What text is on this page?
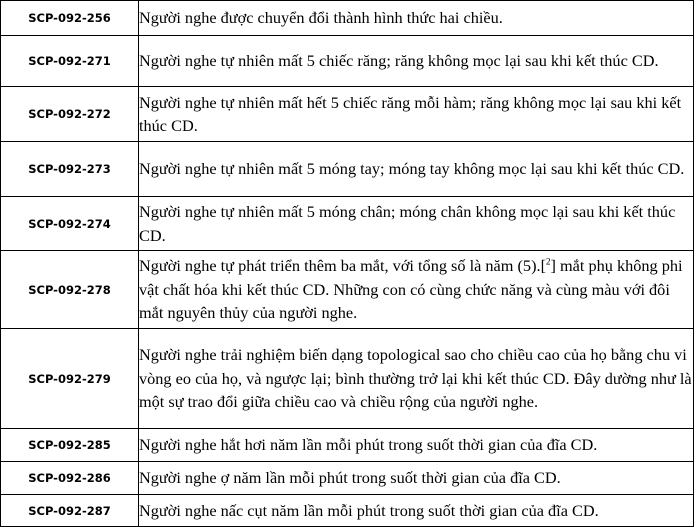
SCP-092-256	Người nghe được chuyển đổi thành hình thức hai chiều.
SCP-092-271	Người nghe tự nhiên mất 5 chiếc răng; răng không mọc lại sau khi kết thúc CD.
SCP-092-272	Người nghe tự nhiên mất hết 5 chiếc răng mỗi hàm; răng không mọc lại sau khi kết thúc CD.
SCP-092-273	Người nghe tự nhiên mất 5 móng tay; móng tay không mọc lại sau khi kết thúc CD.
SCP-092-274	Người nghe tự nhiên mất 5 móng chân; móng chân không mọc lại sau khi kết thúc CD.
SCP-092-278	Người nghe tự phát triển thêm ba mắt, với tổng số là năm (5).[$^2$] mắt phụ không phi vật chất hóa khi kết thúc CD. Những con có cùng chức năng và cùng màu với đôi mắt nguyên thủy của người nghe.
SCP-092-279	Người nghe trải nghiệm biến dạng topological sao cho chiều cao của họ bằng chu vi vòng eo của họ, và ngược lại; bình thường trở lại khi kết thúc CD. Đây dường như là một sự trao đổi giữa chiều cao và chiều rộng của người nghe.
SCP-092-285	Người nghe hắt hơi năm lần mỗi phút trong suốt thời gian của đĩa CD.
SCP-092-286	Người nghe ợ năm lần mỗi phút trong suốt thời gian của đĩa CD.
SCP-092-287	Người nghe nấc cụt năm lần mỗi phút trong suốt thời gian của đĩa CD.
